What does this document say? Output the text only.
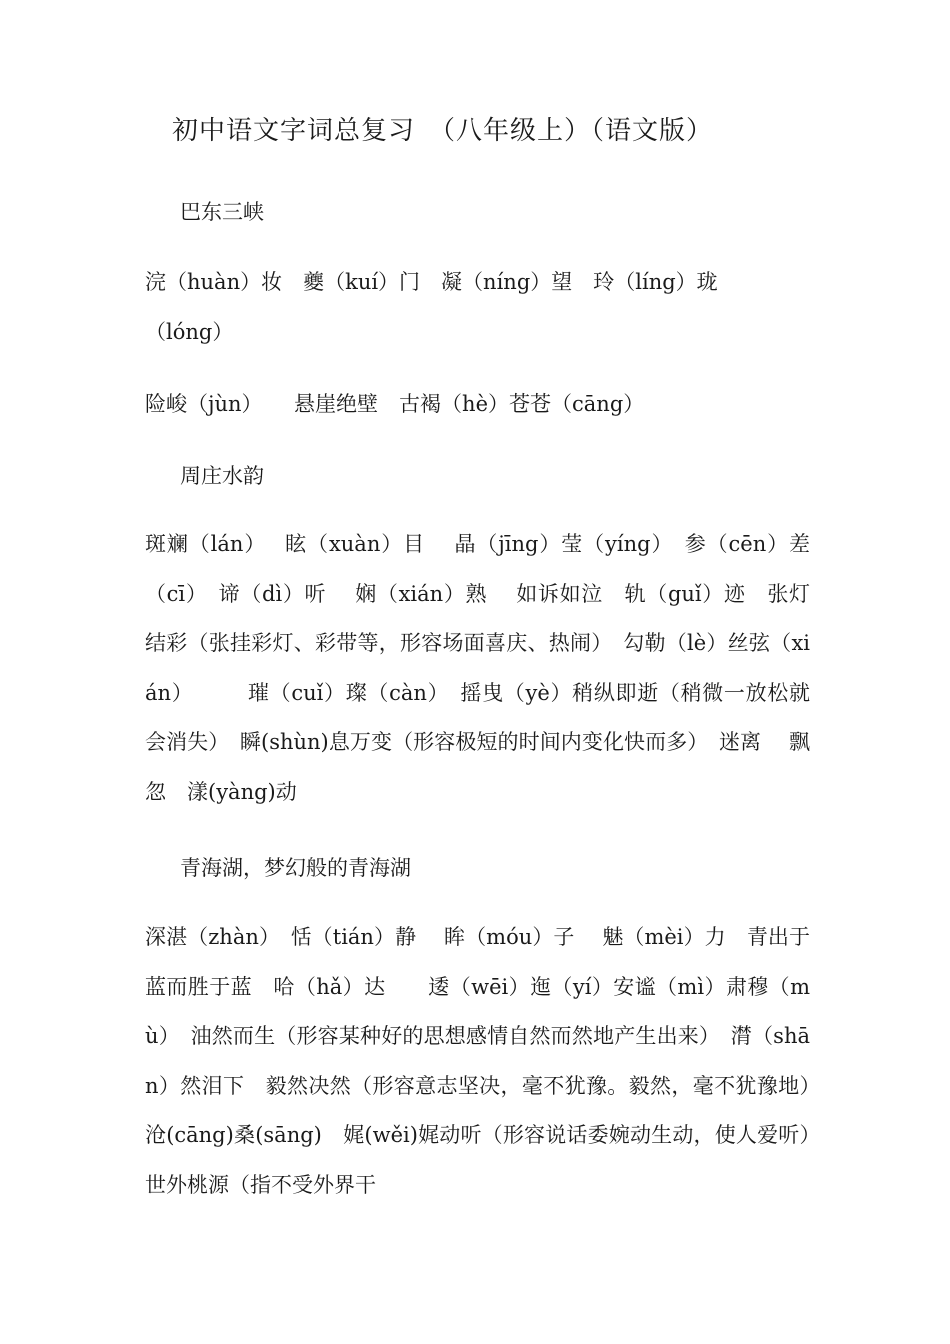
初中语文字词总复习　（八年级上）（语文版）
巴东三峡
浣（huàn）妆　夔（kuí）门　凝（níng）望　玲（líng）珑
（lóng）
险峻（jùn）　　悬崖绝壁　古褐（hè）苍苍（cāng）
周庄水韵
斑斓（lán）　 眩（xuàn）目　 晶（jīng）莹（yíng）　参（cēn）差（cī）　谛（dì）听　 娴（xián）熟　 如诉如泣　轨（guǐ）迹　张灯结彩（张挂彩灯、彩带等，形容场面喜庆、热闹）　勾勒（lè）丝弦（xián）　　　璀（cuǐ）璨（càn）　摇曳（yè）稍纵即逝（稍微一放松就会消失）　瞬(shùn)息万变（形容极短的时间内变化快而多）　迷离　 飘忽　漾(yàng)动
青海湖，梦幻般的青海湖
深湛（zhàn）　恬（tián）静　 眸（móu）子　 魅（mèi）力　青出于蓝而胜于蓝　哈（hǎ）达　　逶（wēi）迤（yí）安谧（mì）肃穆（mù）　油然而生（形容某种好的思想感情自然而然地产生出来）　潸（shān）然泪下　毅然决然（形容意志坚决，毫不犹豫。毅然，毫不犹豫地）　沧(cāng)桑(sāng)　娓(wěi)娓动听（形容说话委婉动生动，使人爱听）　世外桃源（指不受外界干
